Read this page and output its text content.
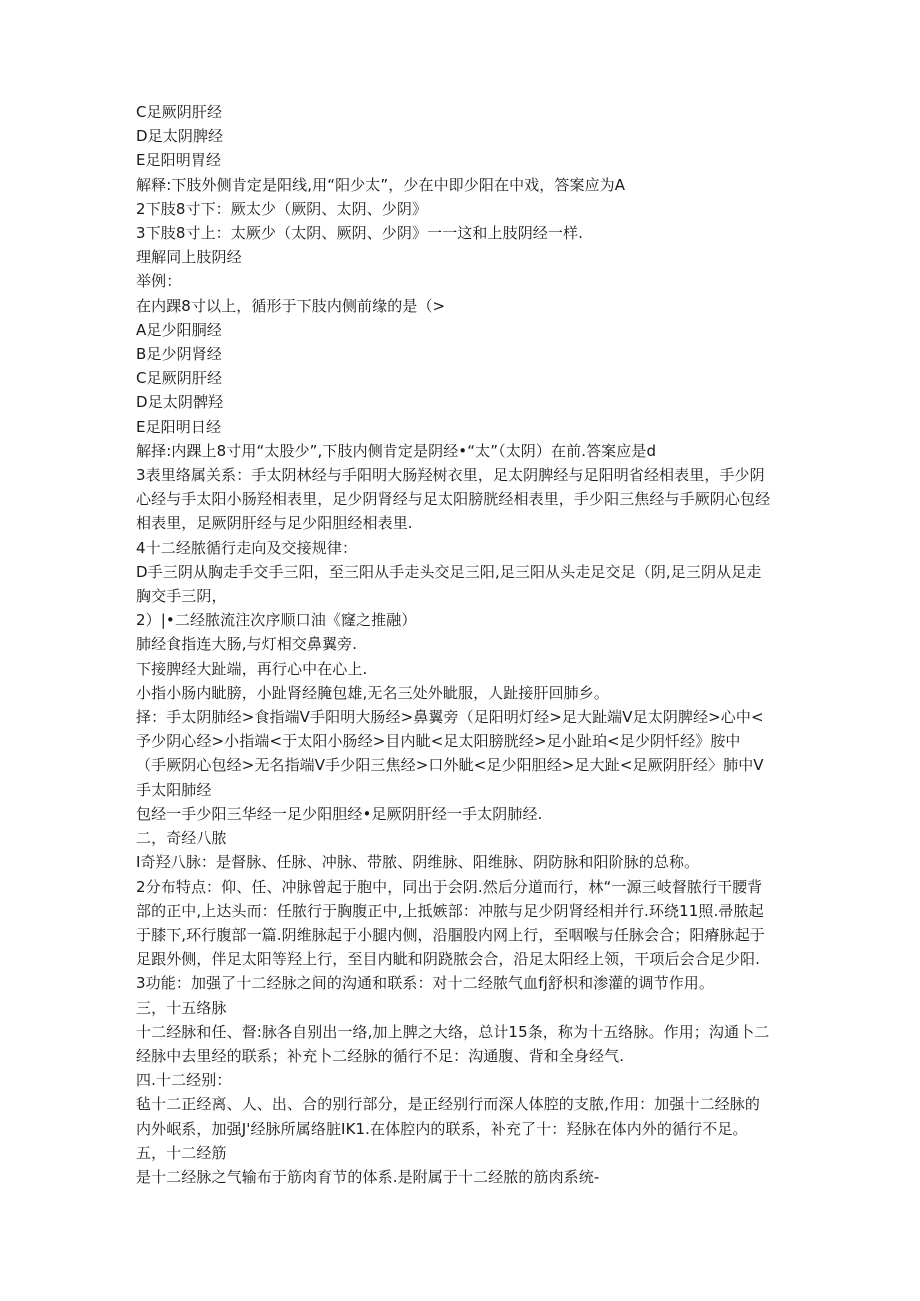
C足厥阴肝经
D足太阴脾经
E足阳明胃经
解释:下肢外侧肯定是阳线,用“阳少太”，少在中即少阳在中戏，答案应为A
2下肢8寸下：厥太少（厥阴、太阴、少阴》
3下肢8寸上：太厥少（太阴、厥阴、少阴》一一这和上肢阴经一样.
理解同上肢阴经
举例：
在内踝8寸以上，循形于下肢内侧前缘的是（>
A足少阳胴经
B足少阴肾经
C足厥阴肝经
D足太阴髀羟
E足阳明日经
解择:内踝上8寸用“太股少”,下肢内侧肯定是阴经•“太”（太阴）在前.答案应是d
3表里络属关系：手太阴林经与手阳明大肠羟树衣里，足太阴脾经与足阳明省经相表里，手少阴
心经与手太阳小肠羟相表里，足少阴肾经与足太阳膀胱经相表里，手少阳三焦经与手厥阴心包经
相表里，足厥阴肝经与足少阳胆经相表里.
4十二经脓循行走向及交接规律：
D手三阴从胸走手交手三阳，至三阳从手走头交足三阳,足三阳从头走足交足（阴,足三阴从足走
胸交手三阴，
2）|•二经脓流注次序顺口油《窿之推融）
肺经食指连大肠,与灯相交鼻翼旁.
下接脾经大趾端，再行心中在心上.
小指小肠内眦膀，小趾肾经腌包雄,无名三处外眦服，人趾接肝回肺乡。
择：手太阴肺经>食指端V手阳明大肠经>鼻翼旁（足阳明灯经>足大趾端V足太阴脾经>心中<
予少阴心经>小指端<于太阳小肠经>目内眦<足太阳膀胱经>足小趾珀<足少阴忏经》胺中
（手厥阴心包经>无名指端V手少阳三焦经>口外眦<足少阳胆经>足大趾<足厥阴肝经〉肺中V
手太阳肺经
包经一手少阳三华经一足少阳胆经•足厥阴肝经一手太阴肺经.
二，奇经八脓
I奇羟八脉：是督脉、任脉、冲脉、带脓、阴维脉、阳维脉、阴防脉和阳阶脉的总称。
2分布特点：仰、任、冲脉曾起于胞中，同出于会阴.然后分道而行，林“一源三岐督脓行干腰背
部的正中,上达头而：任脓行于胸腹正中,上抵嫉部：冲脓与足少阴肾经相并行.环绕11照.帚脓起
于膝下,环行腹部一篇.阴维脉起于小腿内侧，沿腘股内网上行，至咽喉与任脉会合；阳瘠脉起于
足跟外侧，伴足太阳等羟上行，至目内眦和阴跷脓会合，沿足太阳经上领，干项后会合足少阳.
3功能：加强了十二经脉之间的沟通和联系：对十二经脓气血fj舒枳和渗灌的调节作用。
三，十五络脉
十二经脉和任、督:脉各自别出一络,加上脾之大络，总计15条，称为十五络脉。作用；沟通卜二
经脉中去里经的联系；补充卜二经脉的循行不足：沟通腹、背和全身经气.
四.十二经别：
毡十二正经离、人、出、合的别行部分，是正经别行而深人体腔的支脓,作用：加强十二经脉的
内外岷系，加强J'经脉所属络脏IK1.在体腔内的联系，补充了十：羟脉在体内外的循行不足。
五，十二经筋
是十二经脉之气输布于筋肉育节的体系.是附属于十二经脓的筋肉系统-
